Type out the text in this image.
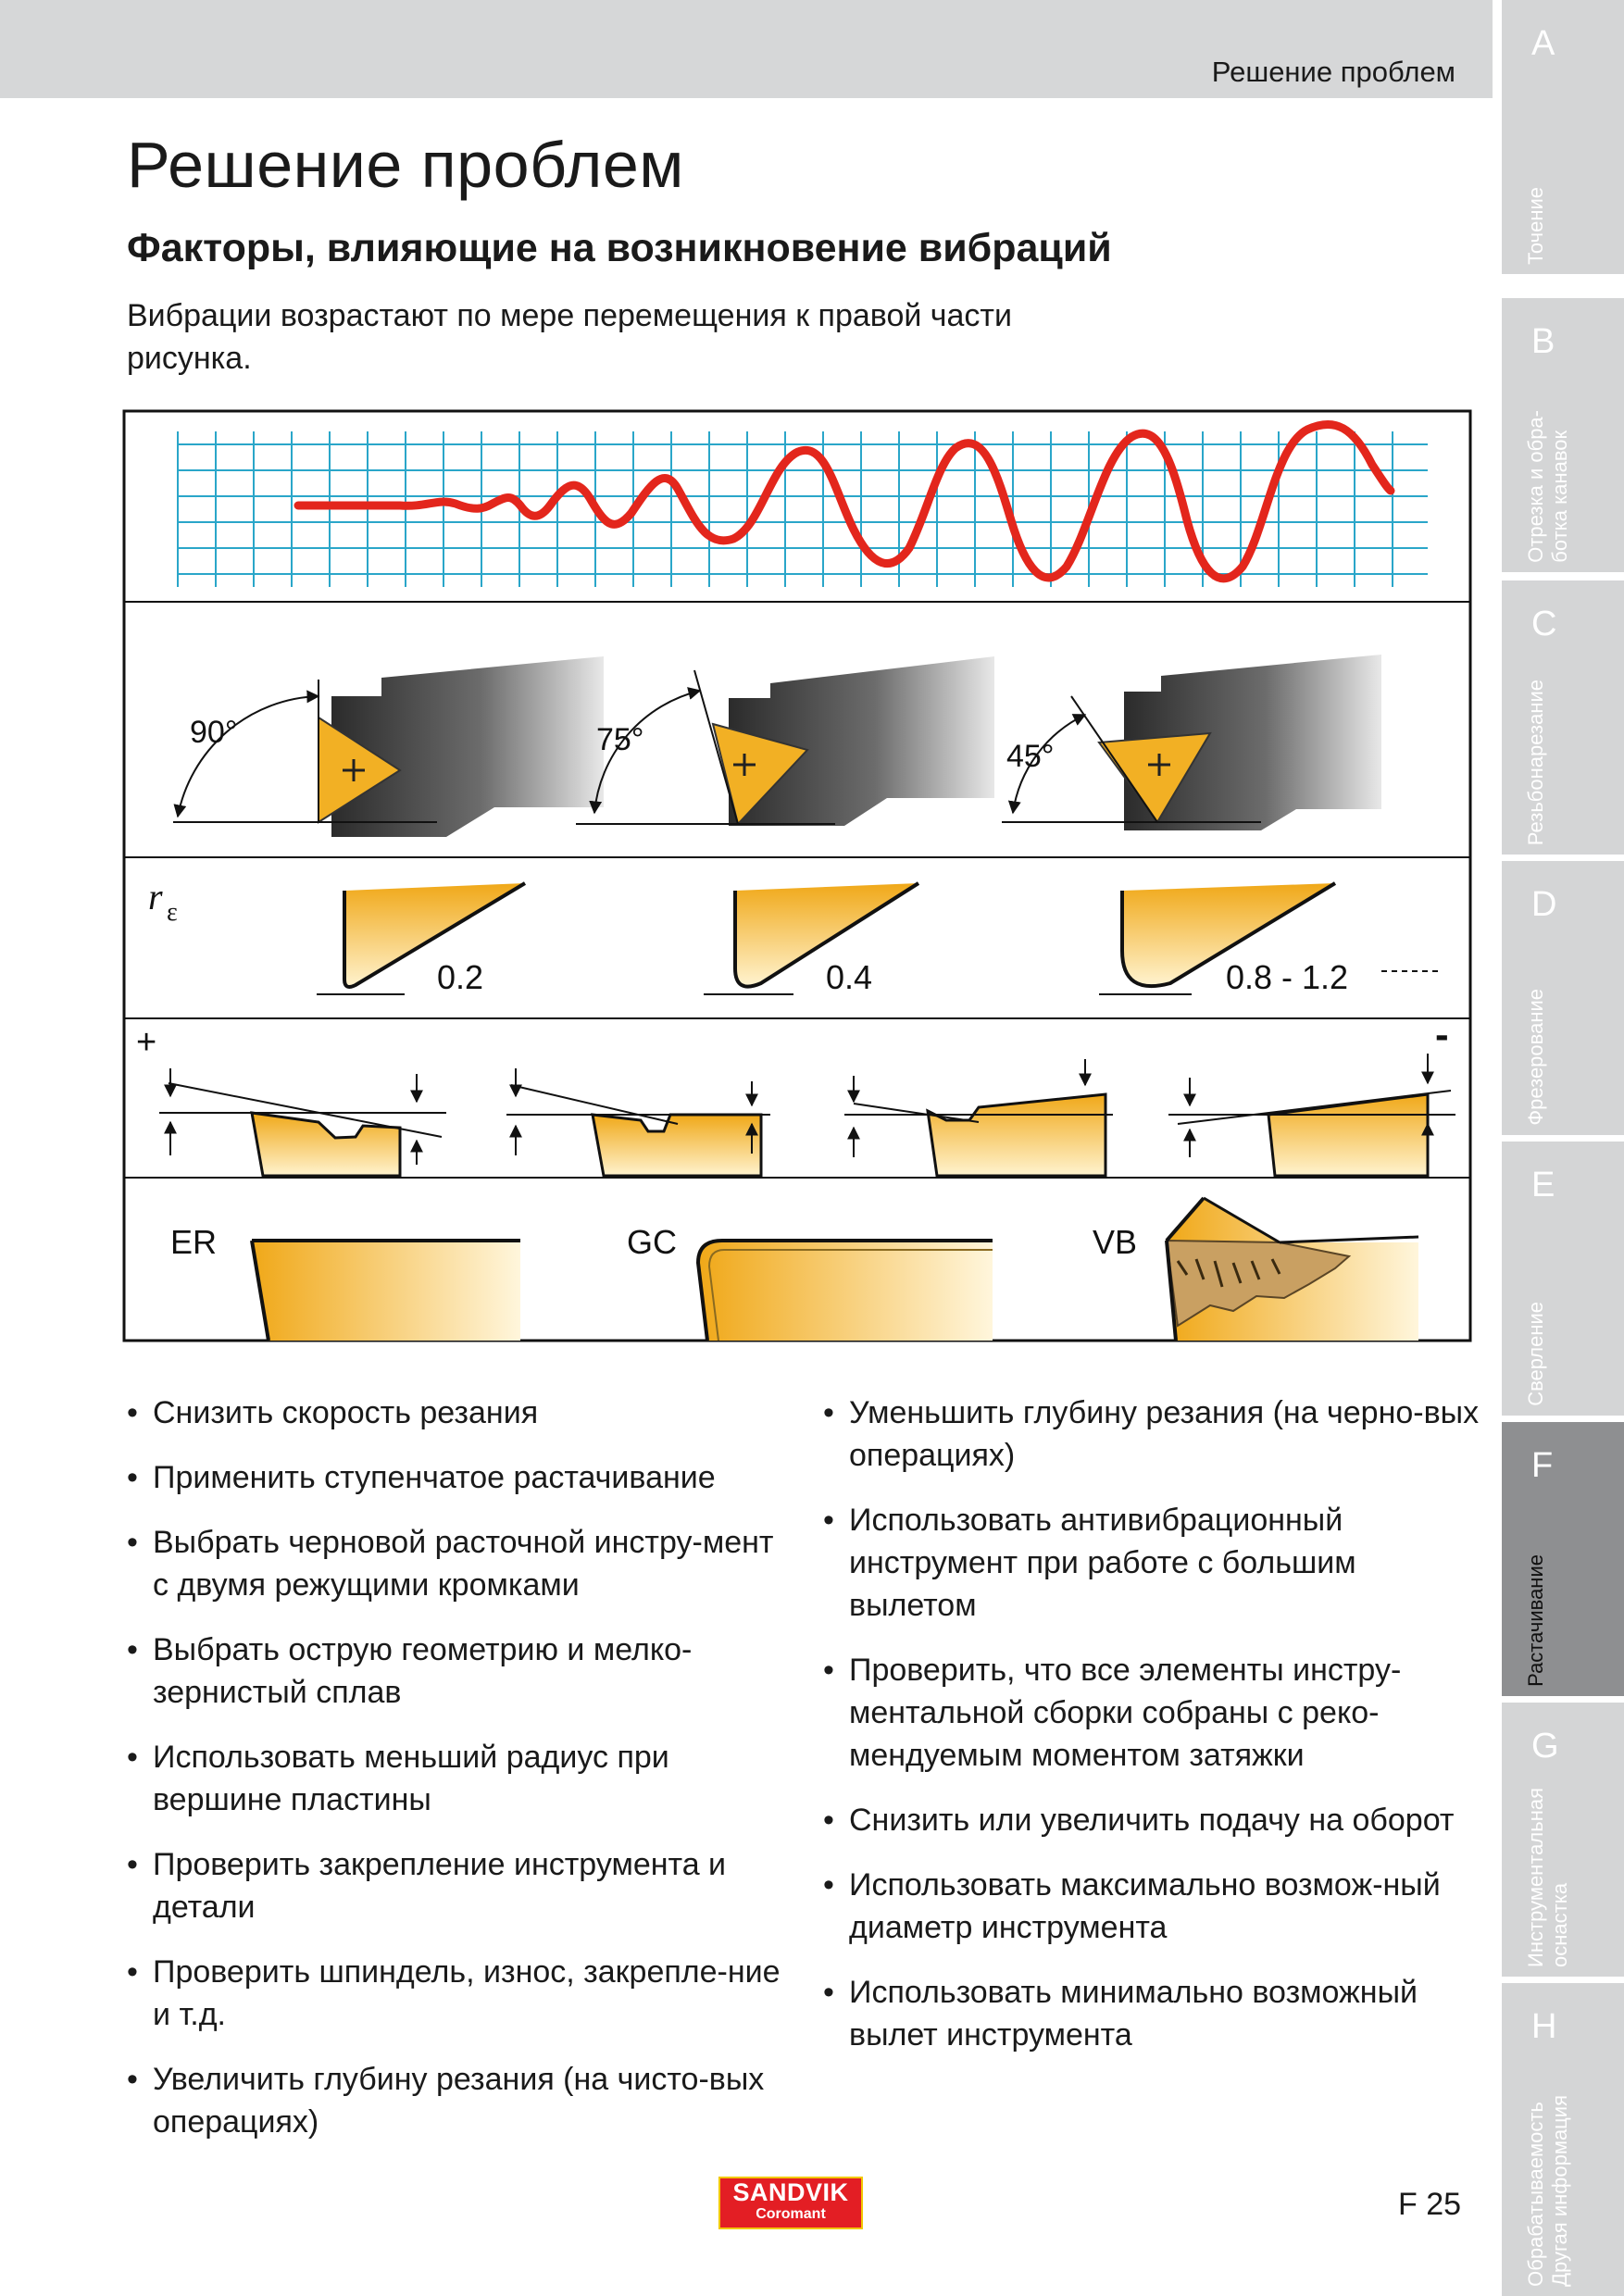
Решение проблем
A
Точение
B
Отрезка и обра-
ботка канавок
C
Резьбонарезание
D
Фрезерование
E
Сверление
F
Растачивание
G
Инструментальная
оснастка
H
Обрабатываемость
Другая информация
Решение проблем
Факторы, влияющие на возникновение вибраций

Вибрации возрастают по мере перемещения к правой части рисунка.

90°	75°	45°
r ε
0.2	0.4	0.8 - 1.2
+	-
ER	GC	VB
• Снизить скорость резания
• Применить ступенчатое растачивание
• Выбрать черновой расточной инстру-мент с двумя режущими кромками
• Выбрать острую геометрию и мелко-зернистый сплав
• Использовать меньший радиус при вершине пластины
• Проверить закрепление инструмента и детали
• Проверить шпиндель, износ, закрепле-ние и т.д.
• Увеличить глубину резания (на чисто-вых операциях)
• Уменьшить глубину резания (на черно-вых операциях)
• Использовать антивибрационный инструмент при работе с большим вылетом
• Проверить, что все элементы инстру-ментальной сборки собраны с реко-мендуемым моментом затяжки
• Снизить или увеличить подачу на оборот
• Использовать максимально возмож-ный диаметр инструмента
• Использовать минимально возможный вылет инструмента
SANDVIK
Coromant	F 25
